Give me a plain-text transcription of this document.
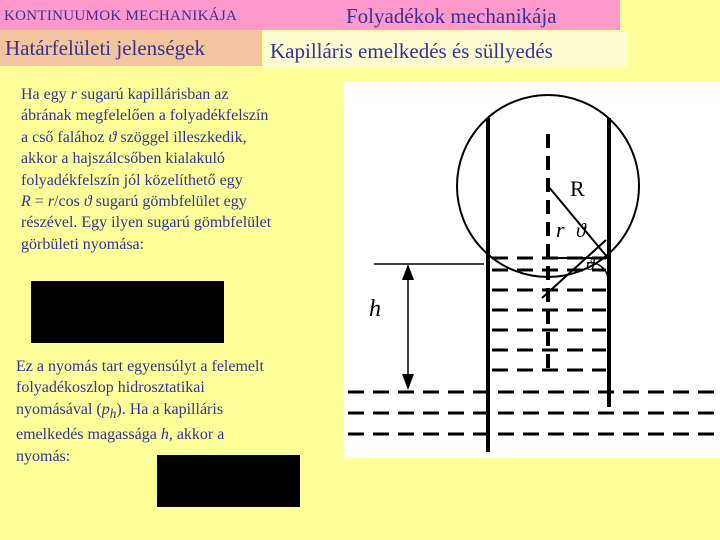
KONTINUUMOK MECHANIKÁJA	Folyadékok mechanikája
Határfelületi jelenségek	Kapilláris emelkedés és süllyedés
Ha egy r sugarú kapillárisban az
ábrának megfelelően a folyadékfelszín
a cső falához ϑ szöggel illeszkedik,
akkor a hajszálcsőben kialakuló
folyadékfelszín jól közelíthető egy
R = r/cos ϑ sugarú gömbfelület egy
részével. Egy ilyen sugarú gömbfelület
görbületi nyomása:
Ez a nyomás tart egyensúlyt a felemelt
folyadékoszlop hidrosztatikai
nyomásával $(p_h)$. Ha a kapilláris
emelkedés magassága h, akkor a
nyomás:
R
r ϑ
ϑ
h
